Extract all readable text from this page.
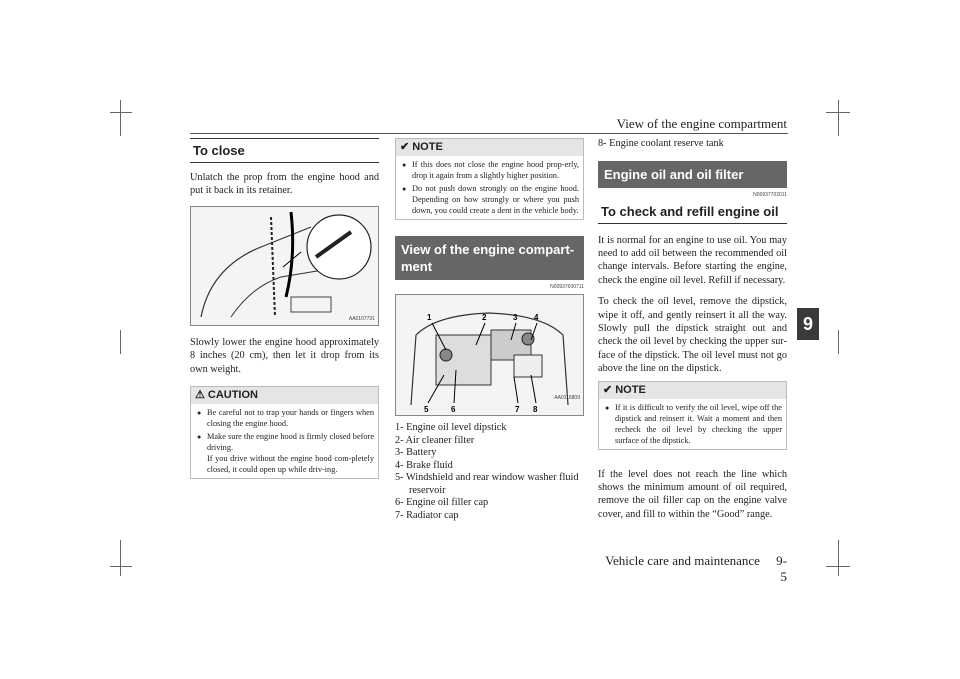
View of the engine compartment
9
Vehicle care and maintenance 9-5
To close
Unlatch the prop from the engine hood and put it back in its retainer.
AA0107731
Slowly lower the engine hood approximately 8 inches (20 cm), then let it drop from its own weight.
⚠ CAUTION
● Be careful not to trap your hands or fingers when closing the engine hood.
● Make sure the engine hood is firmly closed before driving.
If you drive without the engine hood com-pletely closed, it could open up while driv-ing.
✔ NOTE
● If this does not close the engine hood prop-erly, drop it again from a slightly higher position.
● Do not push down strongly on the engine hood. Depending on how strongly or where you push down, you could create a dent in the vehicle body.
View of the engine compart-ment
N00937600711
1	2	3 4
5	6	7 8
AA0116809
1- Engine oil level dipstick
2- Air cleaner filter
3- Battery
4- Brake fluid
5- Windshield and rear window washer fluid reservoir
6- Engine oil filler cap
7- Radiator cap
8- Engine coolant reserve tank
Engine oil and oil filter
N00937702011
To check and refill engine oil
It is normal for an engine to use oil. You may need to add oil between the recommended oil change intervals. Before starting the engine, check the engine oil level. Refill if necessary.
To check the oil level, remove the dipstick, wipe it off, and gently reinsert it all the way. Slowly pull the dipstick straight out and check the oil level by checking the upper sur-face of the dipstick. The oil level must not go above the line on the dipstick.
✔ NOTE
● If it is difficult to verify the oil level, wipe off the dipstick and reinsert it. Wait a moment and then recheck the oil level by checking the upper surface of the dipstick.
If the level does not reach the line which shows the minimum amount of oil required, remove the oil filler cap on the engine valve cover, and fill to within the “Good” range.
